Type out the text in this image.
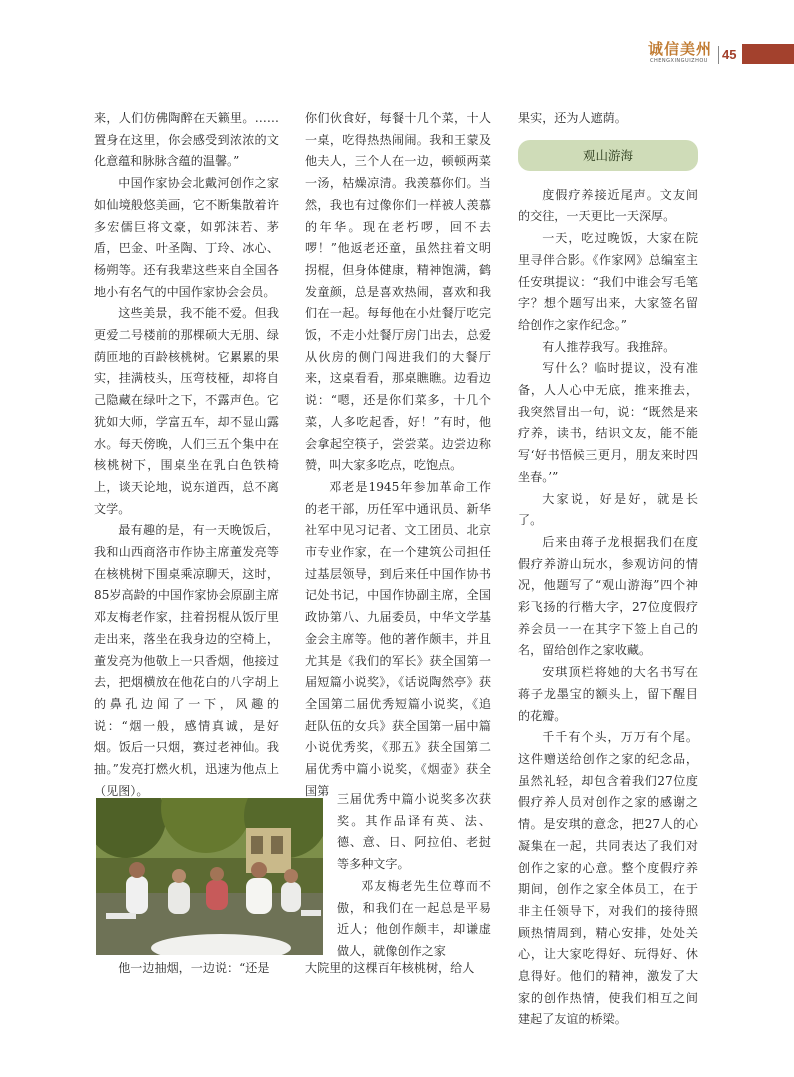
诚信美州
CHENGXINGUIZHOU	45

来，人们仿佛陶醉在天籁里。……置身在这里，你会感受到浓浓的文化意蕴和脉脉含蕴的温馨。”

中国作家协会北戴河创作之家如仙境般悠美画，它不断集散着许多宏儒巨将文豪，如郭沫若、茅盾，巴金、叶圣陶、丁玲、冰心、杨朔等。还有我辈这些来自全国各地小有名气的中国作家协会会员。

这些美景，我不能不爱。但我更爱二号楼前的那棵硕大无朋、绿荫匝地的百龄核桃树。它累累的果实，挂满枝头，压弯枝桠，却将自己隐藏在绿叶之下，不露声色。它犹如大师，学富五车，却不显山露水。每天傍晚，人们三五个集中在核桃树下，围桌坐在乳白色铁椅上，谈天论地，说东道西，总不离文学。

最有趣的是，有一天晚饭后，我和山西商洛市作协主席董发亮等在核桃树下围桌乘凉聊天，这时，85岁高龄的中国作家协会原副主席邓友梅老作家，拄着拐棍从饭厅里走出来，落坐在我身边的空椅上，董发亮为他敬上一只香烟，他接过去，把烟横放在他花白的八字胡上的鼻孔边闻了一下，风趣的说：“烟一般，感情真诚，是好烟。饭后一只烟，赛过老神仙。我抽。”发亮打燃火机，迅速为他点上（见图）。

他一边抽烟，一边说：“还是

你们伙食好，每餐十几个菜，十人一桌，吃得热热闹闹。我和王蒙及他夫人，三个人在一边，顿顿两菜一汤，枯燥凉清。我羡慕你们。当然，我也有过像你们一样被人羡慕的年华。现在老朽啰，回不去啰！”他返老还童，虽然拄着文明拐棍，但身体健康，精神饱满，鹤发童颜，总是喜欢热闹，喜欢和我们在一起。每每他在小灶餐厅吃完饭，不走小灶餐厅房门出去，总爱从伙房的侧门闯进我们的大餐厅来，这桌看看，那桌瞧瞧。边看边说：“嗯，还是你们菜多，十几个菜，人多吃起香，好！”有时，他会拿起空筷子，尝尝菜。边尝边称赞，叫大家多吃点，吃饱点。

邓老是1945年参加革命工作的老干部，历任军中通讯员、新华社军中见习记者、文工团员、北京市专业作家，在一个建筑公司担任过基层领导，到后来任中国作协书记处书记，中国作协副主席，全国政协第八、九届委员，中华文学基金会主席等。他的著作颇丰，并且尤其是《我们的军长》获全国第一届短篇小说奖》，《话说陶然亭》获全国第二届优秀短篇小说奖，《追赶队伍的女兵》获全国第一届中篇小说优秀奖，《那五》获全国第二届优秀中篇小说奖，《烟壶》获全国第

三届优秀中篇小说奖多次获奖。其作品译有英、法、德、意、日、阿拉伯、老挝等多种文字。

邓友梅老先生位尊而不傲，和我们在一起总是平易近人；他创作颇丰，却谦虚做人，就像创作之家

大院里的这棵百年核桃树，给人

果实，还为人遮荫。

观山游海

度假疗养接近尾声。文友间的交往，一天更比一天深厚。

一天，吃过晚饭，大家在院里寻伴合影。《作家网》总编室主任安琪提议：“我们中谁会写毛笔字？想个题写出来，大家签名留给创作之家作纪念。”

有人推荐我写。我推辞。

写什么？临时提议，没有准备，人人心中无底，推来推去，我突然冒出一句，说：“既然是来疗养，读书，结识文友，能不能写‘好书悟候三更月，朋友来时四坐春。’”

大家说，好是好，就是长了。

后来由蒋子龙根据我们在度假疗养游山玩水，参观访问的情况，他题写了“观山游海”四个神彩飞扬的行楷大字，27位度假疗养会员一一在其字下签上自己的名，留给创作之家收藏。

安琪顶栏将她的大名书写在蒋子龙墨宝的额头上，留下醒目的花瓣。

千千有个头，万万有个尾。这件赠送给创作之家的纪念品，虽然礼轻，却包含着我们27位度假疗养人员对创作之家的感谢之情。是安琪的意念，把27人的心凝集在一起，共同表达了我们对创作之家的心意。整个度假疗养期间，创作之家全体员工，在于非主任领导下，对我们的接待照顾热情周到，精心安排，处处关心，让大家吃得好、玩得好、休息得好。他们的精神，激发了大家的创作热情，使我们相互之间建起了友谊的桥梁。
